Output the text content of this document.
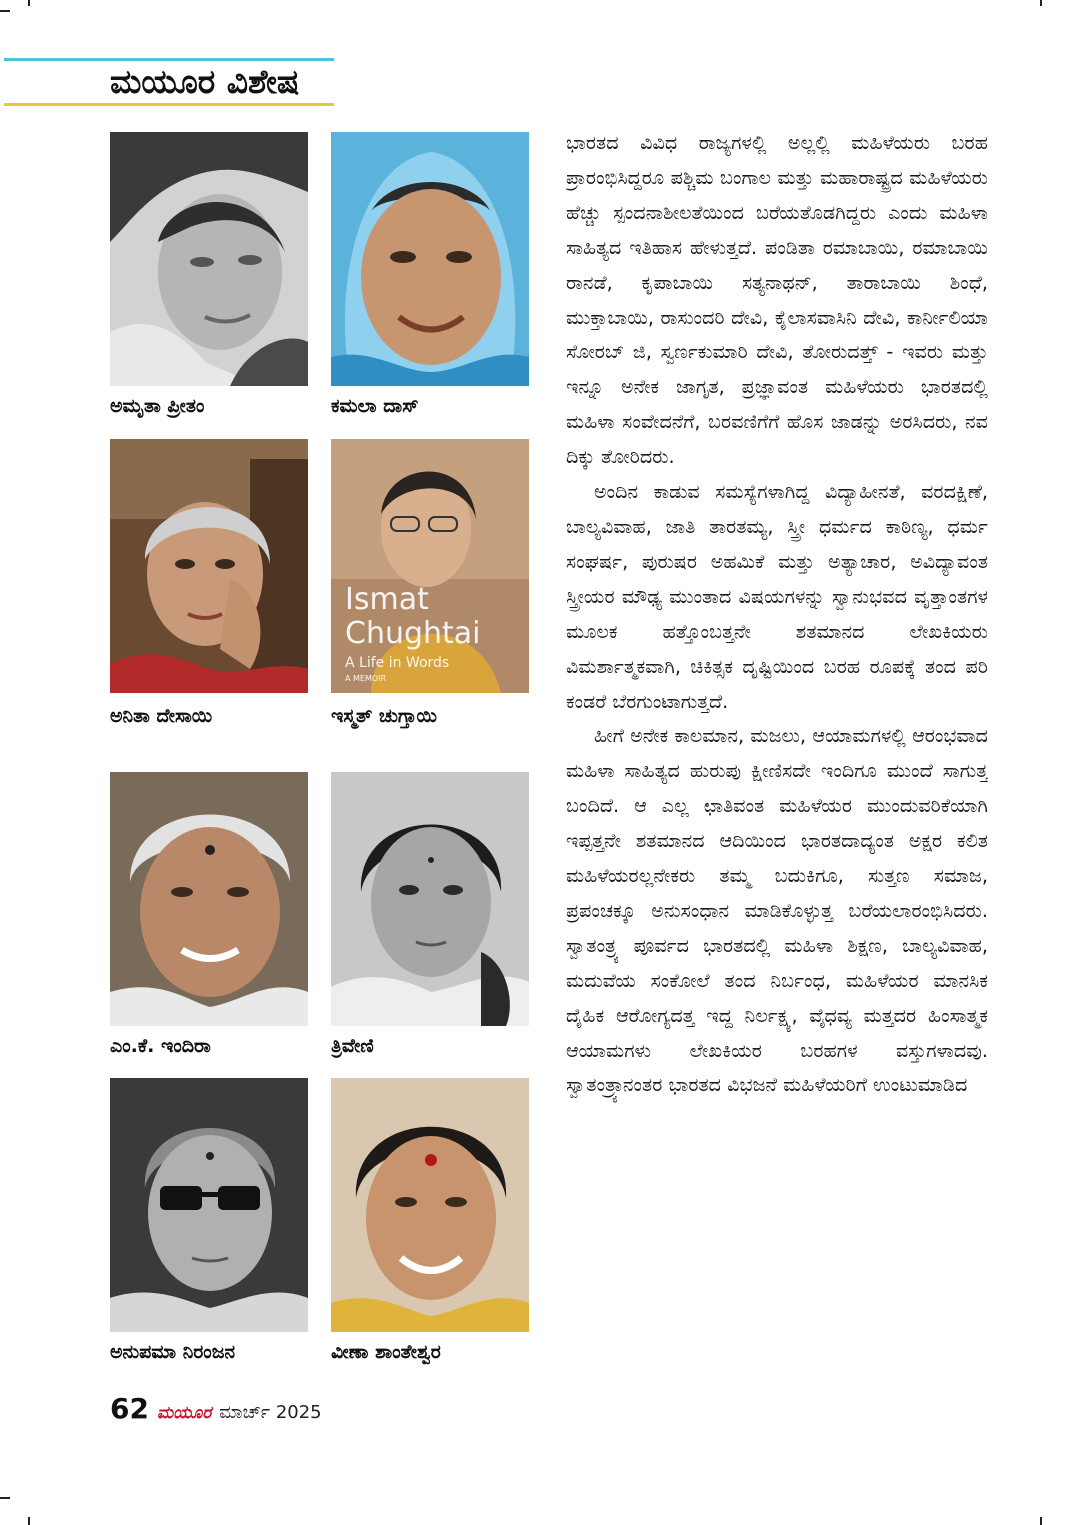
ಮಯೂರ ವಿಶೇಷ

ಅಮೃತಾ ಪ್ರೀತಂ	ಕಮಲಾ ದಾಸ್

ಅನಿತಾ ದೇಸಾಯಿ

Ismat
Chughtai
A Life in Words
A MEMOIR

ಇಸ್ಮತ್ ಚುಗ್ತಾಯಿ

ಎಂ.ಕೆ. ಇಂದಿರಾ	ತ್ರಿವೇಣಿ

ಅನುಪಮಾ ನಿರಂಜನ	ವೀಣಾ ಶಾಂತೇಶ್ವರ

ಭಾರತದ ವಿವಿಧ ರಾಜ್ಯಗಳಲ್ಲಿ ಅಲ್ಲಲ್ಲಿ ಮಹಿಳೆಯರು ಬರಹ ಪ್ರಾರಂಭಿಸಿದ್ದರೂ ಪಶ್ಚಿಮ ಬಂಗಾಲ ಮತ್ತು ಮಹಾರಾಷ್ಟ್ರದ ಮಹಿಳೆಯರು ಹೆಚ್ಚು ಸ್ಪಂದನಾಶೀಲತೆಯಿಂದ ಬರೆಯತೊಡಗಿದ್ದರು ಎಂದು ಮಹಿಳಾ ಸಾಹಿತ್ಯದ ಇತಿಹಾಸ ಹೇಳುತ್ತದೆ. ಪಂಡಿತಾ ರಮಾಬಾಯಿ, ರಮಾಬಾಯಿ ರಾನಡೆ, ಕೃಪಾಬಾಯಿ ಸತ್ಯನಾಥನ್, ತಾರಾಬಾಯಿ ಶಿಂಧೆ, ಮುಕ್ತಾಬಾಯಿ, ರಾಸುಂದರಿ ದೇವಿ, ಕೈಲಾಸವಾಸಿನಿ ದೇವಿ, ಕಾರ್ನೀಲಿಯಾ ಸೋರಬ್ ಜಿ, ಸ್ವರ್ಣಕುಮಾರಿ ದೇವಿ, ತೋರುದತ್ತ್ - ಇವರು ಮತ್ತು ಇನ್ನೂ ಅನೇಕ ಜಾಗೃತ, ಪ್ರಜ್ಞಾವಂತ ಮಹಿಳೆಯರು ಭಾರತದಲ್ಲಿ ಮಹಿಳಾ ಸಂವೇದನೆಗೆ, ಬರವಣಿಗೆಗೆ ಹೊಸ ಜಾಡನ್ನು ಅರಸಿದರು, ನವ ದಿಕ್ಕು ತೋರಿದರು.

ಅಂದಿನ ಕಾಡುವ ಸಮಸ್ಯೆಗಳಾಗಿದ್ದ ವಿದ್ಯಾಹೀನತೆ, ವರದಕ್ಷಿಣೆ, ಬಾಲ್ಯವಿವಾಹ, ಜಾತಿ ತಾರತಮ್ಯ, ಸ್ತ್ರೀ ಧರ್ಮದ ಕಾಠಿಣ್ಯ, ಧರ್ಮ ಸಂಘರ್ಷ, ಪುರುಷರ ಅಹಮಿಕೆ ಮತ್ತು ಅತ್ಯಾಚಾರ, ಅವಿದ್ಯಾವಂತ ಸ್ತ್ರೀಯರ ಮೌಢ್ಯ ಮುಂತಾದ ವಿಷಯಗಳನ್ನು ಸ್ವಾನುಭವದ ವೃತ್ತಾಂತಗಳ ಮೂಲಕ ಹತ್ತೊಂಬತ್ತನೇ ಶತಮಾನದ ಲೇಖಕಿಯರು ವಿಮರ್ಶಾತ್ಮಕವಾಗಿ, ಚಿಕಿತ್ಸಕ ದೃಷ್ಟಿಯಿಂದ ಬರಹ ರೂಪಕ್ಕೆ ತಂದ ಪರಿ ಕಂಡರೆ ಬೆರಗುಂಟಾಗುತ್ತದೆ.

ಹೀಗೆ ಅನೇಕ ಕಾಲಮಾನ, ಮಜಲು, ಆಯಾಮಗಳಲ್ಲಿ ಆರಂಭವಾದ ಮಹಿಳಾ ಸಾಹಿತ್ಯದ ಹುರುಪು ಕ್ಷೀಣಿಸದೇ ಇಂದಿಗೂ ಮುಂದೆ ಸಾಗುತ್ತ ಬಂದಿದೆ. ಆ ಎಲ್ಲ ಛಾತಿವಂತ ಮಹಿಳೆಯರ ಮುಂದುವರಿಕೆಯಾಗಿ ಇಪ್ಪತ್ತನೇ ಶತಮಾನದ ಆದಿಯಿಂದ ಭಾರತದಾದ್ಯಂತ ಅಕ್ಷರ ಕಲಿತ ಮಹಿಳೆಯರಲ್ಲನೇಕರು ತಮ್ಮ ಬದುಕಿಗೂ, ಸುತ್ತಣ ಸಮಾಜ, ಪ್ರಪಂಚಕ್ಕೂ ಅನುಸಂಧಾನ ಮಾಡಿಕೊಳ್ಳುತ್ತ ಬರೆಯಲಾರಂಭಿಸಿದರು. ಸ್ವಾತಂತ್ರ್ಯ ಪೂರ್ವದ ಭಾರತದಲ್ಲಿ ಮಹಿಳಾ ಶಿಕ್ಷಣ, ಬಾಲ್ಯವಿವಾಹ, ಮದುವೆಯ ಸಂಕೋಲೆ ತಂದ ನಿರ್ಬಂಧ, ಮಹಿಳೆಯರ ಮಾನಸಿಕ ದೈಹಿಕ ಆರೋಗ್ಯದತ್ತ ಇದ್ದ ನಿರ್ಲಕ್ಷ್ಯ, ವೈಧವ್ಯ ಮತ್ತದರ ಹಿಂಸಾತ್ಮಕ ಆಯಾಮಗಳು ಲೇಖಕಿಯರ ಬರಹಗಳ ವಸ್ತುಗಳಾದವು. ಸ್ವಾತಂತ್ರ್ಯಾನಂತರ ಭಾರತದ ವಿಭಜನೆ ಮಹಿಳೆಯರಿಗೆ ಉಂಟುಮಾಡಿದ

62 ಮಯೂರ ಮಾರ್ಚ್ 2025
